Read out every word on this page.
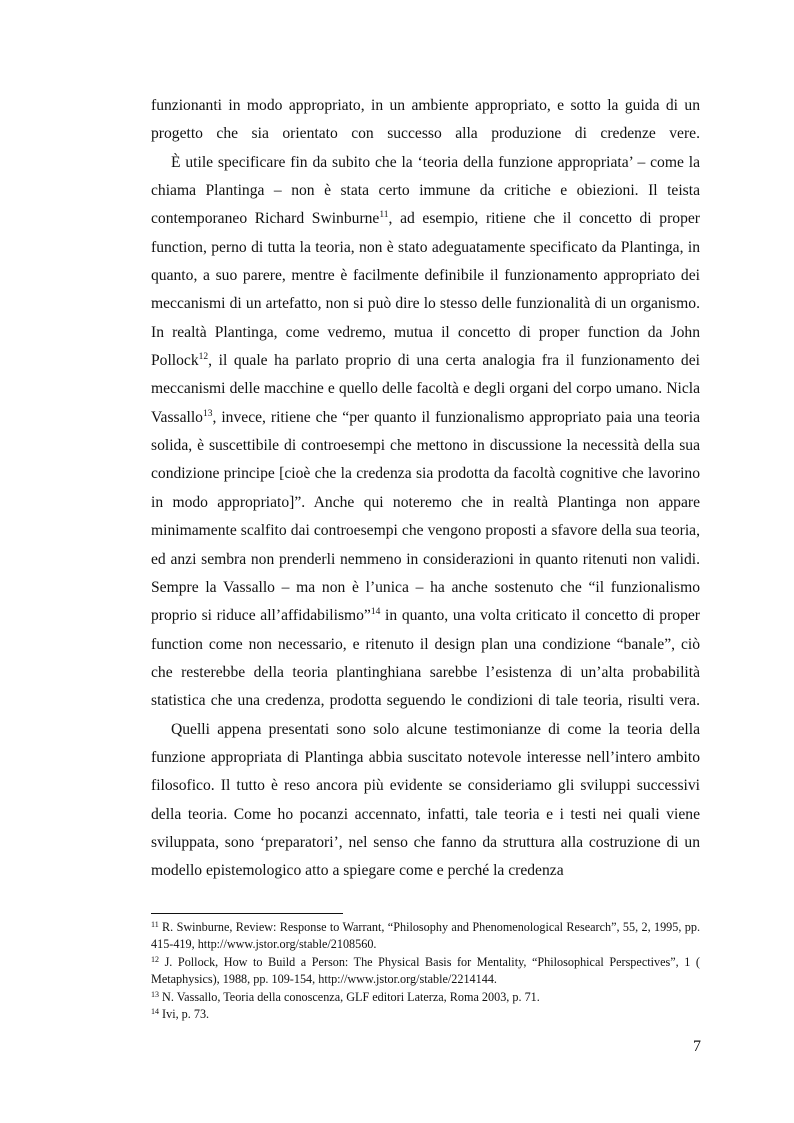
funzionanti in modo appropriato, in un ambiente appropriato, e sotto la guida di un progetto che sia orientato con successo alla produzione di credenze vere.

È utile specificare fin da subito che la ‘teoria della funzione appropriata’ – come la chiama Plantinga – non è stata certo immune da critiche e obiezioni. Il teista contemporaneo Richard Swinburne$^{11}$, ad esempio, ritiene che il concetto di proper function, perno di tutta la teoria, non è stato adeguatamente specificato da Plantinga, in quanto, a suo parere, mentre è facilmente definibile il funzionamento appropriato dei meccanismi di un artefatto, non si può dire lo stesso delle funzionalità di un organismo. In realtà Plantinga, come vedremo, mutua il concetto di proper function da John Pollock$^{12}$, il quale ha parlato proprio di una certa analogia fra il funzionamento dei meccanismi delle macchine e quello delle facoltà e degli organi del corpo umano. Nicla Vassallo$^{13}$, invece, ritiene che “per quanto il funzionalismo appropriato paia una teoria solida, è suscettibile di controesempi che mettono in discussione la necessità della sua condizione principe [cioè che la credenza sia prodotta da facoltà cognitive che lavorino in modo appropriato]”. Anche qui noteremo che in realtà Plantinga non appare minimamente scalfito dai controesempi che vengono proposti a sfavore della sua teoria, ed anzi sembra non prenderli nemmeno in considerazioni in quanto ritenuti non validi. Sempre la Vassallo – ma non è l’unica – ha anche sostenuto che “il funzionalismo proprio si riduce all’affidabilismo”$^{14}$ in quanto, una volta criticato il concetto di proper function come non necessario, e ritenuto il design plan una condizione “banale”, ciò che resterebbe della teoria plantinghiana sarebbe l’esistenza di un’alta probabilità statistica che una credenza, prodotta seguendo le condizioni di tale teoria, risulti vera.

Quelli appena presentati sono solo alcune testimonianze di come la teoria della funzione appropriata di Plantinga abbia suscitato notevole interesse nell’intero ambito filosofico. Il tutto è reso ancora più evidente se consideriamo gli sviluppi successivi della teoria. Come ho pocanzi accennato, infatti, tale teoria e i testi nei quali viene sviluppata, sono ‘preparatori’, nel senso che fanno da struttura alla costruzione di un modello epistemologico atto a spiegare come e perché la credenza

$^{11}$ R. Swinburne, Review: Response to Warrant, “Philosophy and Phenomenological Research”, 55, 2, 1995, pp. 415-419, http://www.jstor.org/stable/2108560.

$^{12}$ J. Pollock, How to Build a Person: The Physical Basis for Mentality, “Philosophical Perspectives”, 1 ( Metaphysics), 1988, pp. 109-154, http://www.jstor.org/stable/2214144.

$^{13}$ N. Vassallo, Teoria della conoscenza, GLF editori Laterza, Roma 2003, p. 71.

$^{14}$ Ivi, p. 73.

7
